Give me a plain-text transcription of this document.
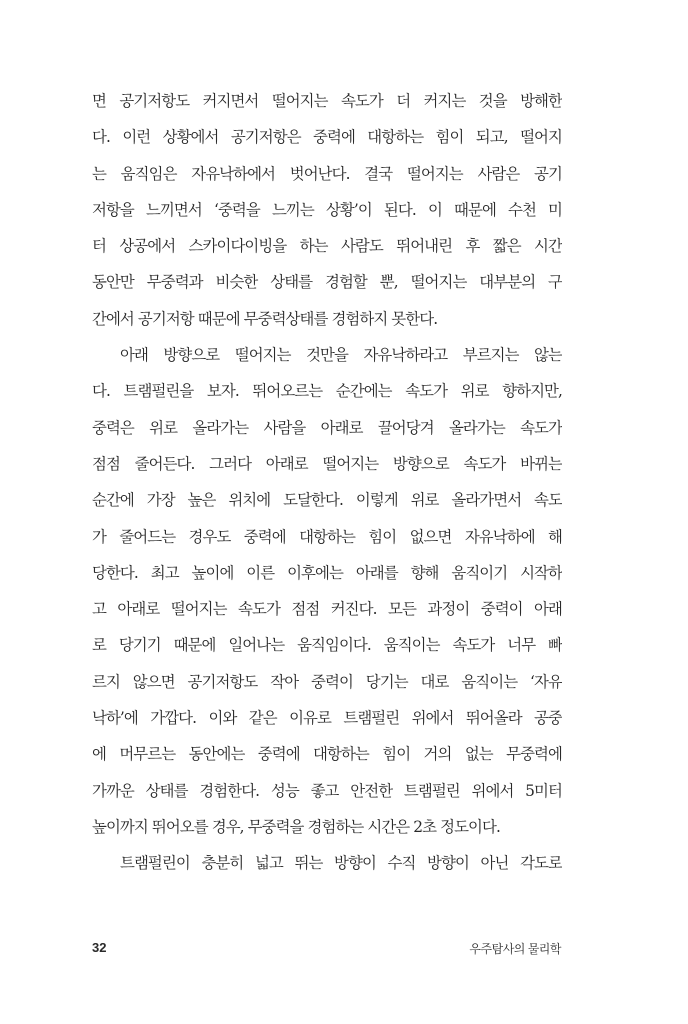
면 공기저항도 커지면서 떨어지는 속도가 더 커지는 것을 방해한
다. 이런 상황에서 공기저항은 중력에 대항하는 힘이 되고, 떨어지
는 움직임은 자유낙하에서 벗어난다. 결국 떨어지는 사람은 공기
저항을 느끼면서 ‘중력을 느끼는 상황’이 된다. 이 때문에 수천 미
터 상공에서 스카이다이빙을 하는 사람도 뛰어내린 후 짧은 시간
동안만 무중력과 비슷한 상태를 경험할 뿐, 떨어지는 대부분의 구
간에서 공기저항 때문에 무중력상태를 경험하지 못한다.
아래 방향으로 떨어지는 것만을 자유낙하라고 부르지는 않는
다. 트램펄린을 보자. 뛰어오르는 순간에는 속도가 위로 향하지만,
중력은 위로 올라가는 사람을 아래로 끌어당겨 올라가는 속도가
점점 줄어든다. 그러다 아래로 떨어지는 방향으로 속도가 바뀌는
순간에 가장 높은 위치에 도달한다. 이렇게 위로 올라가면서 속도
가 줄어드는 경우도 중력에 대항하는 힘이 없으면 자유낙하에 해
당한다. 최고 높이에 이른 이후에는 아래를 향해 움직이기 시작하
고 아래로 떨어지는 속도가 점점 커진다. 모든 과정이 중력이 아래
로 당기기 때문에 일어나는 움직임이다. 움직이는 속도가 너무 빠
르지 않으면 공기저항도 작아 중력이 당기는 대로 움직이는 ‘자유
낙하’에 가깝다. 이와 같은 이유로 트램펄린 위에서 뛰어올라 공중
에 머무르는 동안에는 중력에 대항하는 힘이 거의 없는 무중력에
가까운 상태를 경험한다. 성능 좋고 안전한 트램펄린 위에서 5미터
높이까지 뛰어오를 경우, 무중력을 경험하는 시간은 2초 정도이다.
트램펄린이 충분히 넓고 뛰는 방향이 수직 방향이 아닌 각도로
32	우주탐사의 물리학
